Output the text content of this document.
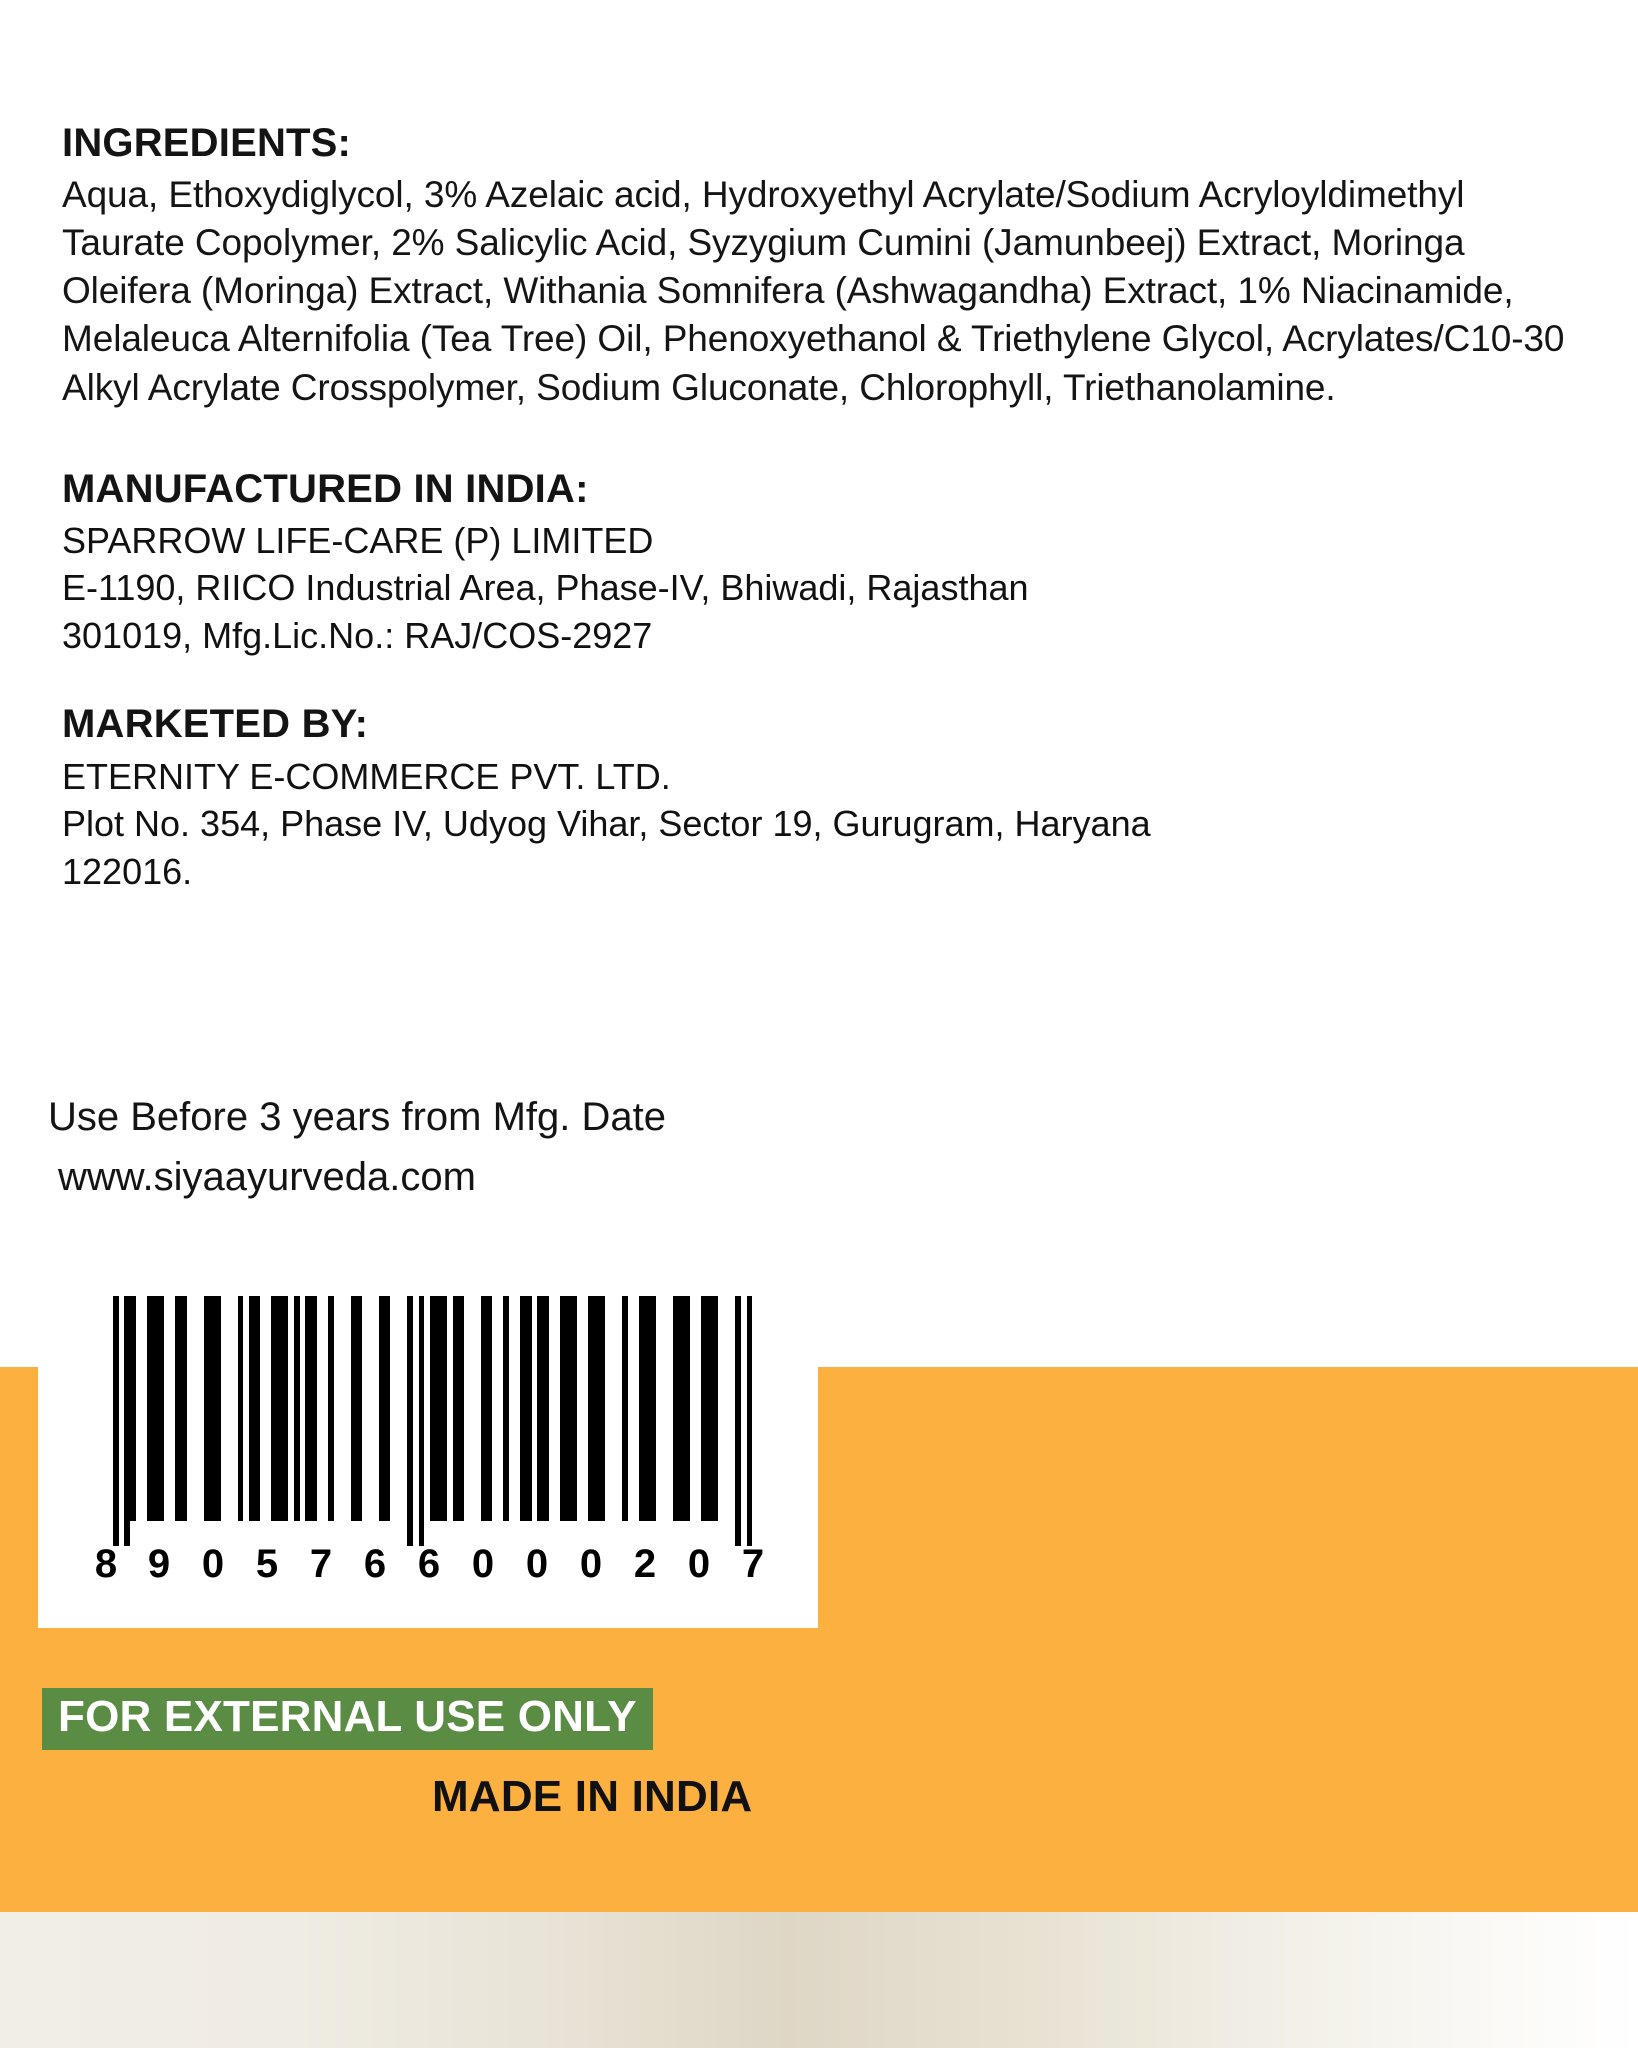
INGREDIENTS:

Aqua, Ethoxydiglycol, 3% Azelaic acid, Hydroxyethyl Acrylate/Sodium Acryloyldimethyl Taurate Copolymer, 2% Salicylic Acid, Syzygium Cumini (Jamunbeej) Extract, Moringa Oleifera (Moringa) Extract, Withania Somnifera (Ashwagandha) Extract, 1% Niacinamide, Melaleuca Alternifolia (Tea Tree) Oil, Phenoxyethanol & Triethylene Glycol, Acrylates/C10-30 Alkyl Acrylate Crosspolymer, Sodium Gluconate, Chlorophyll, Triethanolamine.

MANUFACTURED IN INDIA:

SPARROW LIFE-CARE (P) LIMITED

E-1190, RIICO Industrial Area, Phase-IV, Bhiwadi, Rajasthan

301019, Mfg.Lic.No.: RAJ/COS-2927

MARKETED BY:

ETERNITY E-COMMERCE PVT. LTD.

Plot No. 354, Phase IV, Udyog Vihar, Sector 19, Gurugram, Haryana

122016.

Use Before 3 years from Mfg. Date
www.siyaayurveda.com
8 9 0 5 7 6 6 0 0 0 2 0 7
FOR EXTERNAL USE ONLY
MADE IN INDIA
